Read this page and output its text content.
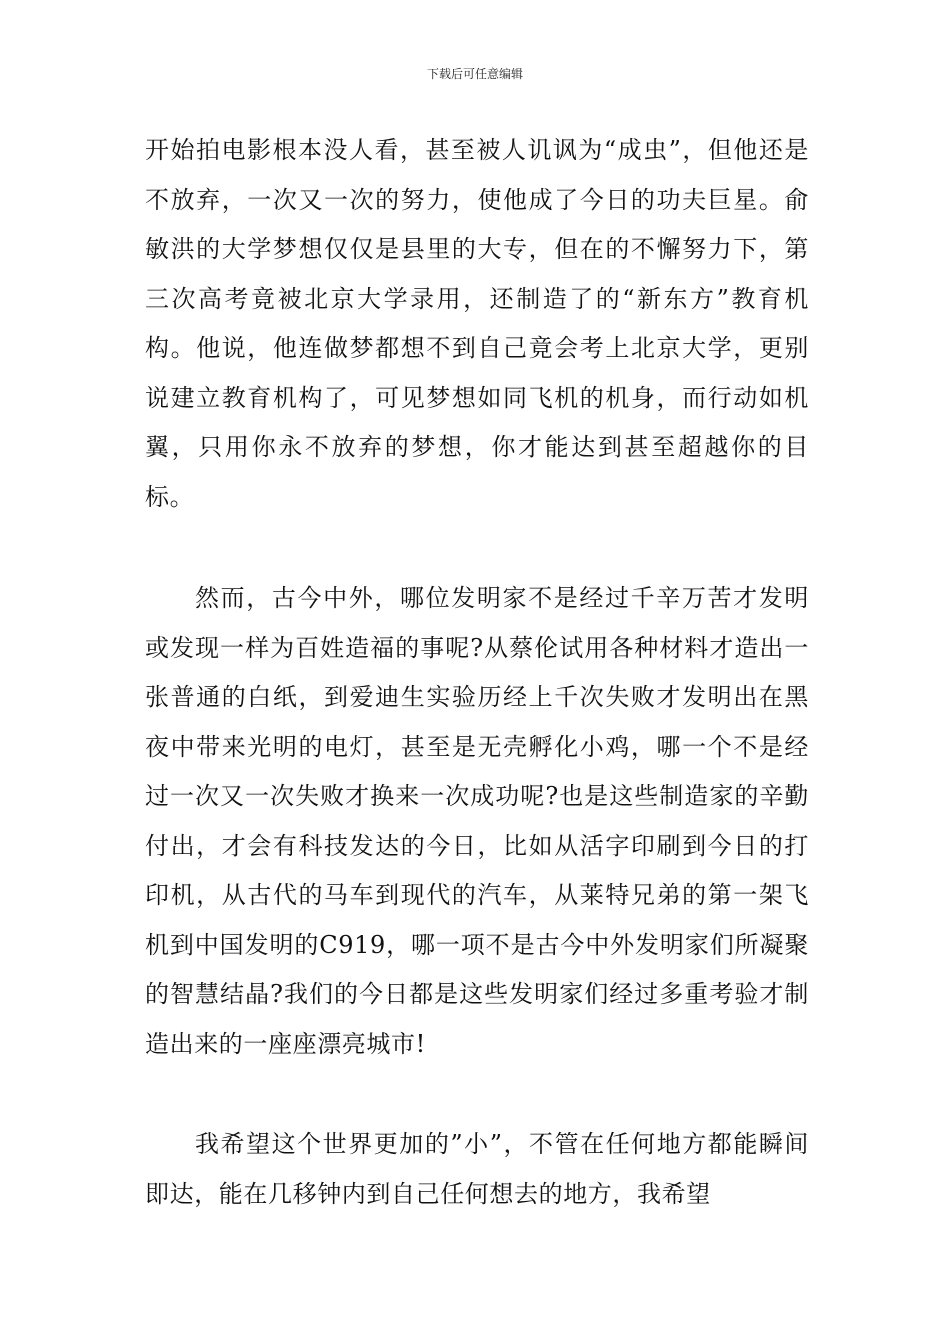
下载后可任意编辑

开始拍电影根本没人看，甚至被人讥讽为“成虫”，但他还是不放弃，一次又一次的努力，使他成了今日的功夫巨星。俞敏洪的大学梦想仅仅是县里的大专，但在的不懈努力下，第三次高考竟被北京大学录用，还制造了的“新东方”教育机构。他说，他连做梦都想不到自己竟会考上北京大学，更别说建立教育机构了，可见梦想如同飞机的机身，而行动如机翼，只用你永不放弃的梦想，你才能达到甚至超越你的目标。

然而，古今中外，哪位发明家不是经过千辛万苦才发明或发现一样为百姓造福的事呢?从蔡伦试用各种材料才造出一张普通的白纸，到爱迪生实验历经上千次失败才发明出在黑夜中带来光明的电灯，甚至是无壳孵化小鸡，哪一个不是经过一次又一次失败才换来一次成功呢?也是这些制造家的辛勤付出，才会有科技发达的今日，比如从活字印刷到今日的打印机，从古代的马车到现代的汽车，从莱特兄弟的第一架飞机到中国发明的C919，哪一项不是古今中外发明家们所凝聚的智慧结晶?我们的今日都是这些发明家们经过多重考验才制造出来的一座座漂亮城市!

我希望这个世界更加的”小”，不管在任何地方都能瞬间即达，能在几移钟内到自己任何想去的地方，我希望
